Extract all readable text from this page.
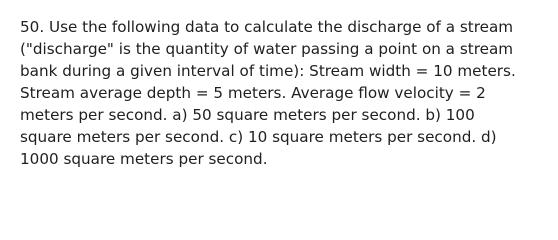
50. Use the following data to calculate the discharge of a stream
("discharge" is the quantity of water passing a point on a stream
bank during a given interval of time): Stream width = 10 meters.
Stream average depth = 5 meters. Average flow velocity = 2
meters per second. a) 50 square meters per second. b) 100
square meters per second. c) 10 square meters per second. d)
1000 square meters per second.
